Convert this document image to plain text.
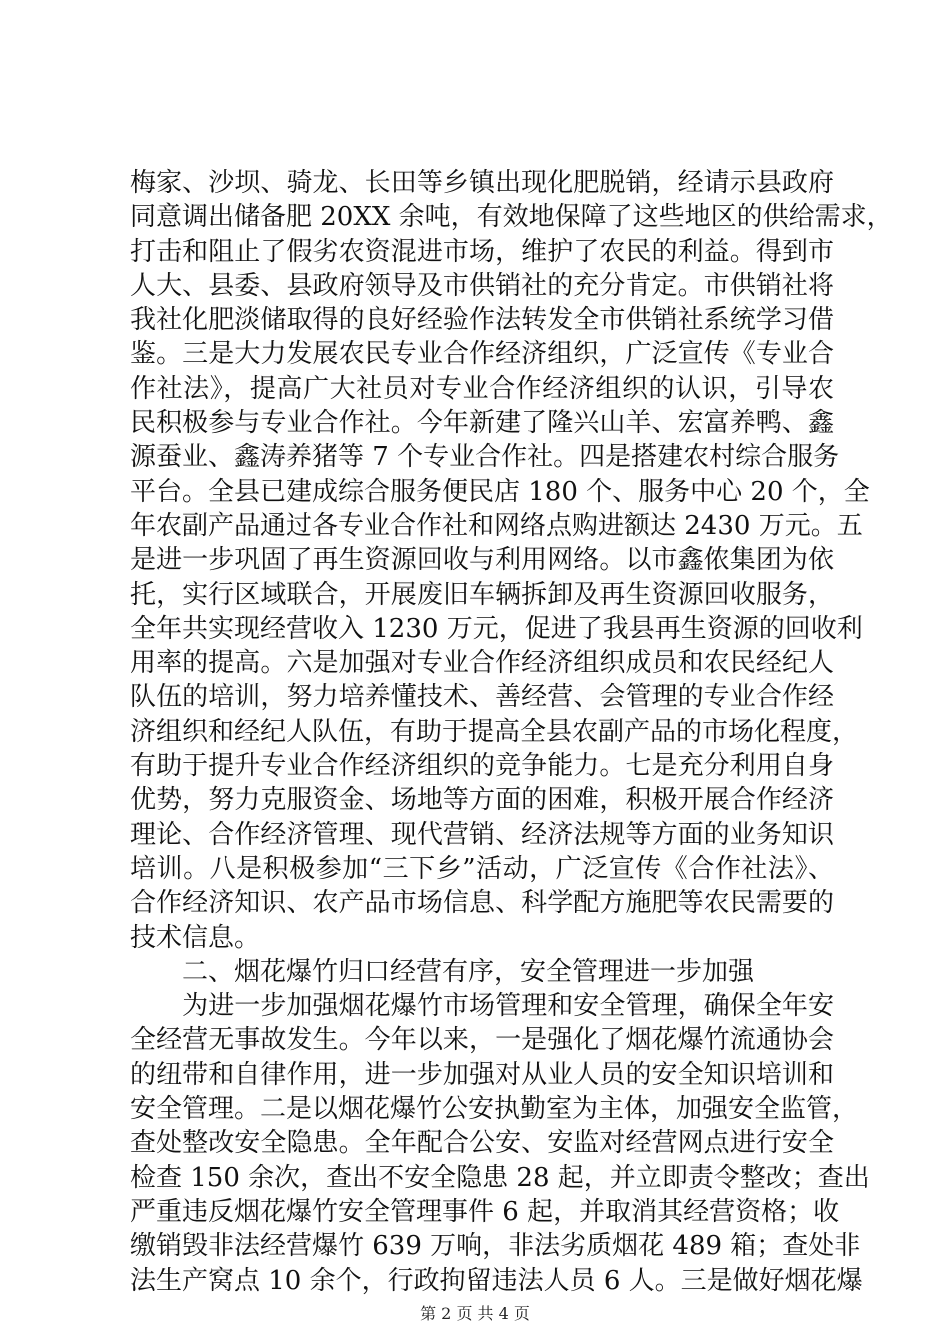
梅家、沙坝、骑龙、长田等乡镇出现化肥脱销，经请示县政府
同意调出储备肥 20XX 余吨，有效地保障了这些地区的供给需求，
打击和阻止了假劣农资混进市场，维护了农民的利益。得到市
人大、县委、县政府领导及市供销社的充分肯定。市供销社将
我社化肥淡储取得的良好经验作法转发全市供销社系统学习借
鉴。三是大力发展农民专业合作经济组织，广泛宣传《专业合
作社法》，提高广大社员对专业合作经济组织的认识，引导农
民积极参与专业合作社。今年新建了隆兴山羊、宏富养鸭、鑫
源蚕业、鑫涛养猪等 7 个专业合作社。四是搭建农村综合服务
平台。全县已建成综合服务便民店 180 个、服务中心 20 个，全
年农副产品通过各专业合作社和网络点购进额达 2430 万元。五
是进一步巩固了再生资源回收与利用网络。以市鑫侬集团为依
托，实行区域联合，开展废旧车辆拆卸及再生资源回收服务，
全年共实现经营收入 1230 万元，促进了我县再生资源的回收利
用率的提高。六是加强对专业合作经济组织成员和农民经纪人
队伍的培训，努力培养懂技术、善经营、会管理的专业合作经
济组织和经纪人队伍，有助于提高全县农副产品的市场化程度，
有助于提升专业合作经济组织的竞争能力。七是充分利用自身
优势，努力克服资金、场地等方面的困难，积极开展合作经济
理论、合作经济管理、现代营销、经济法规等方面的业务知识
培训。八是积极参加“三下乡”活动，广泛宣传《合作社法》、
合作经济知识、农产品市场信息、科学配方施肥等农民需要的
技术信息。
　　二、烟花爆竹归口经营有序，安全管理进一步加强
　　为进一步加强烟花爆竹市场管理和安全管理，确保全年安
全经营无事故发生。今年以来，一是强化了烟花爆竹流通协会
的纽带和自律作用，进一步加强对从业人员的安全知识培训和
安全管理。二是以烟花爆竹公安执勤室为主体，加强安全监管，
查处整改安全隐患。全年配合公安、安监对经营网点进行安全
检查 150 余次，查出不安全隐患 28 起，并立即责令整改；查出
严重违反烟花爆竹安全管理事件 6 起，并取消其经营资格；收
缴销毁非法经营爆竹 639 万响，非法劣质烟花 489 箱；查处非
法生产窝点 10 余个，行政拘留违法人员 6 人。三是做好烟花爆
第 2 页 共 4 页
